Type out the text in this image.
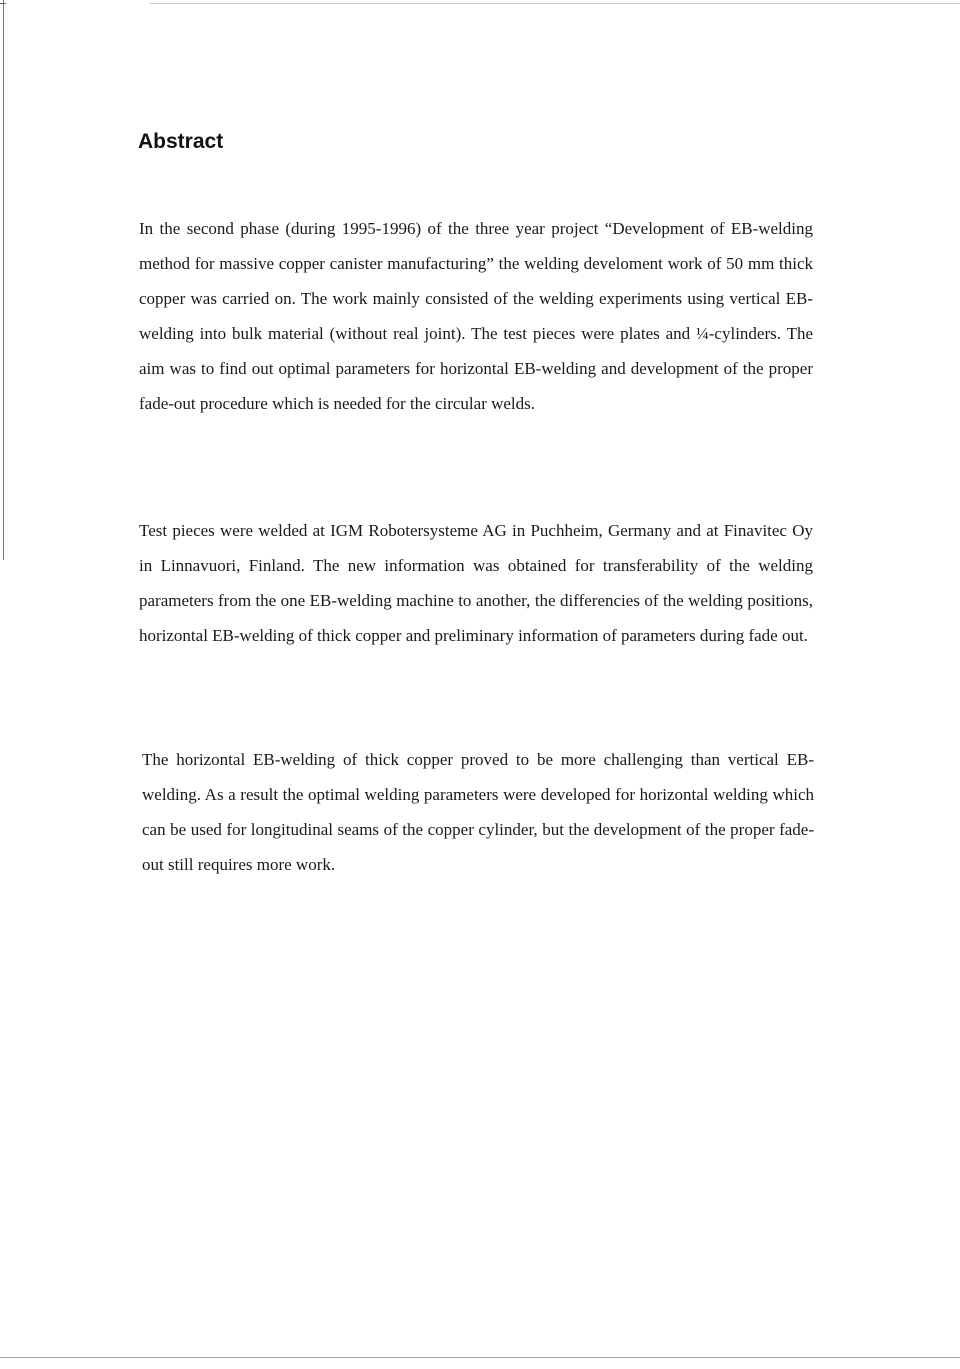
Abstract

In the second phase (during 1995-1996) of the three year project “Development of EB-welding method for massive copper canister manufacturing” the welding develoment work of 50 mm thick copper was carried on. The work mainly consisted of the welding experiments using vertical EB-welding into bulk material (without real joint). The test pieces were plates and ¼-cylinders. The aim was to find out optimal parameters for horizontal EB-welding and development of the proper fade-out procedure which is needed for the circular welds.

Test pieces were welded at IGM Robotersysteme AG in Puchheim, Germany and at Finavitec Oy in Linnavuori, Finland. The new information was obtained for transferability of the welding parameters from the one EB-welding machine to another, the differencies of the welding positions, horizontal EB-welding of thick copper and preliminary information of parameters during fade out.

The horizontal EB-welding of thick copper proved to be more challenging than vertical EB-welding. As a result the optimal welding parameters were developed for horizontal welding which can be used for longitudinal seams of the copper cylinder, but the development of the proper fade-out still requires more work.
